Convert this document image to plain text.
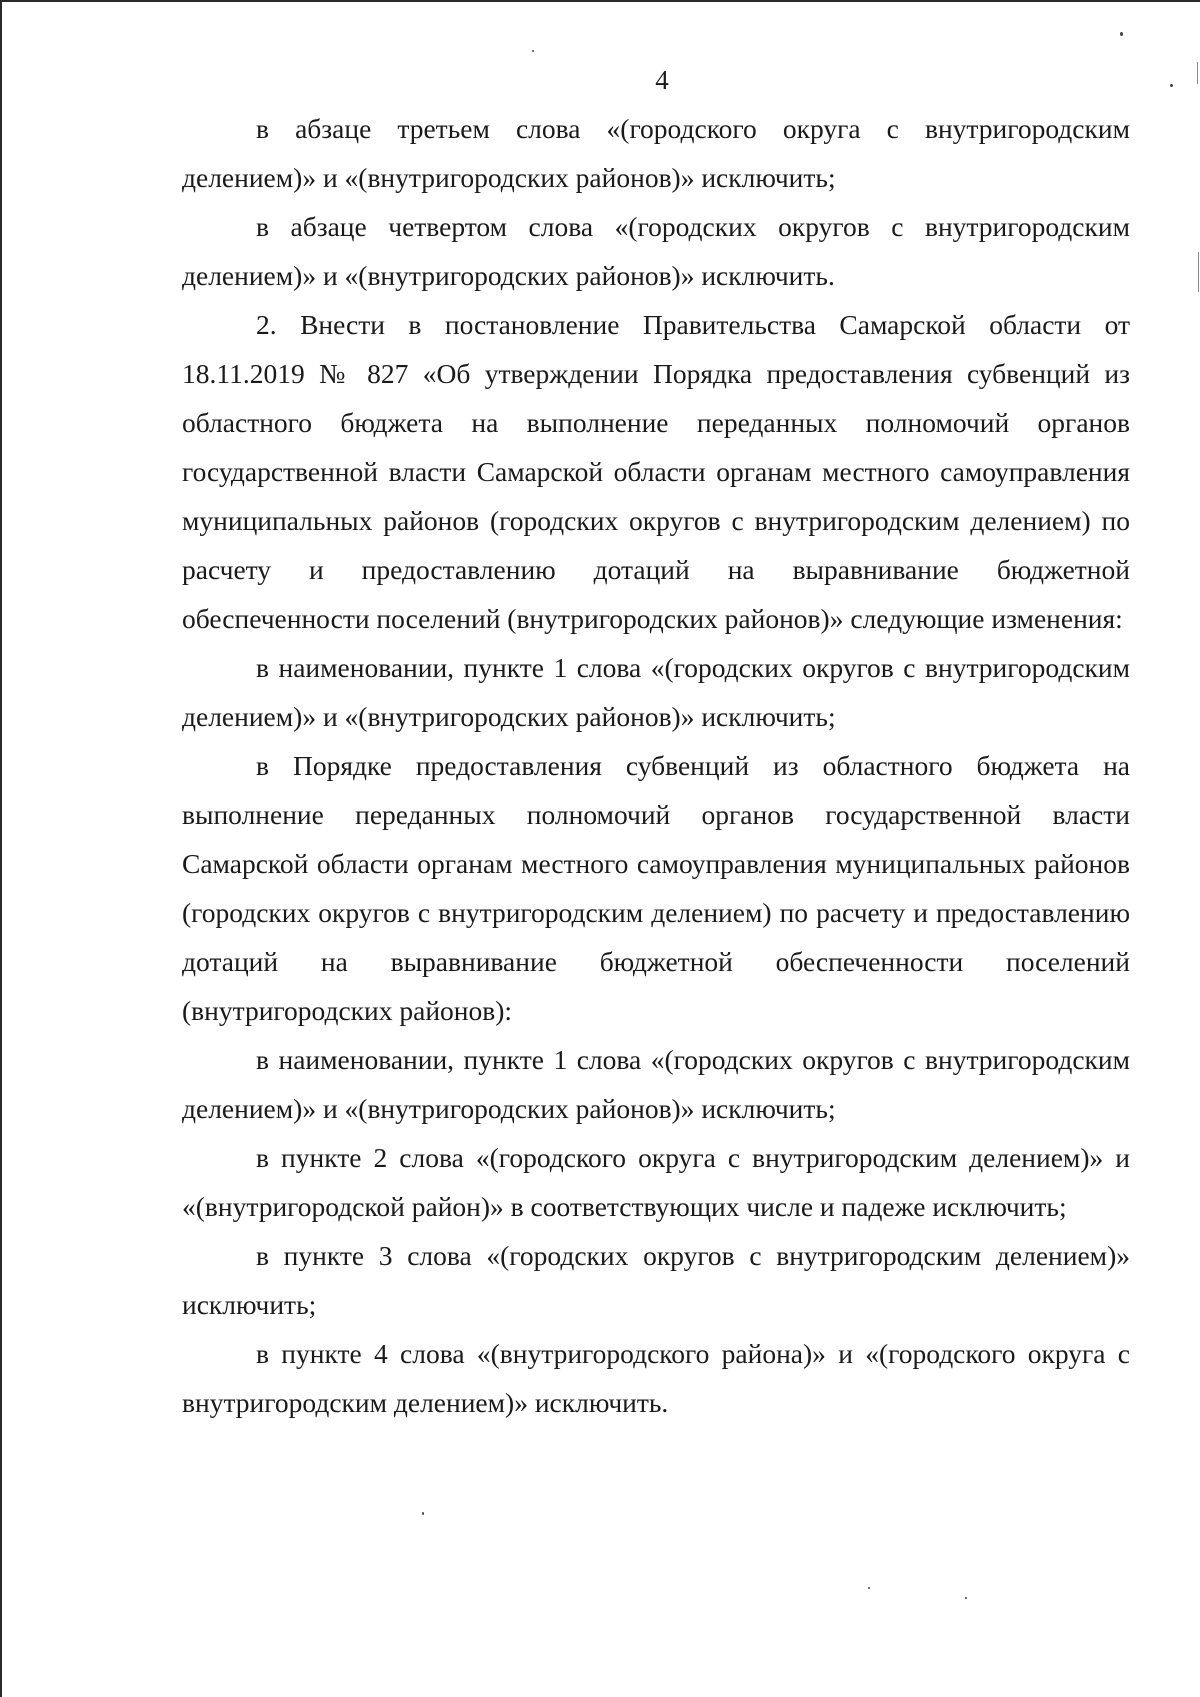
4

в абзаце третьем слова «(городского округа с внутригородским делением)» и «(внутригородских районов)» исключить;

в абзаце четвертом слова «(городских округов с внутригородским делением)» и «(внутригородских районов)» исключить.

2. Внести в постановление Правительства Самарской области от 18.11.2019 № 827 «Об утверждении Порядка предоставления субвенций из областного бюджета на выполнение переданных полномочий органов государственной власти Самарской области органам местного самоуправления муниципальных районов (городских округов с внутригородским делением) по расчету и предоставлению дотаций на выравнивание бюджетной обеспеченности поселений (внутригородских районов)» следующие изменения:

в наименовании, пункте 1 слова «(городских округов с внутригородским делением)» и «(внутригородских районов)» исключить;

в Порядке предоставления субвенций из областного бюджета на выполнение переданных полномочий органов государственной власти Самарской области органам местного самоуправления муниципальных районов (городских округов с внутригородским делением) по расчету и предоставлению дотаций на выравнивание бюджетной обеспеченности поселений (внутригородских районов):

в наименовании, пункте 1 слова «(городских округов с внутригородским делением)» и «(внутригородских районов)» исключить;

в пункте 2 слова «(городского округа с внутригородским делением)» и «(внутригородской район)» в соответствующих числе и падеже исключить;

в пункте 3 слова «(городских округов с внутригородским делением)» исключить;

в пункте 4 слова «(внутригородского района)» и «(городского округа с внутригородским делением)» исключить.
